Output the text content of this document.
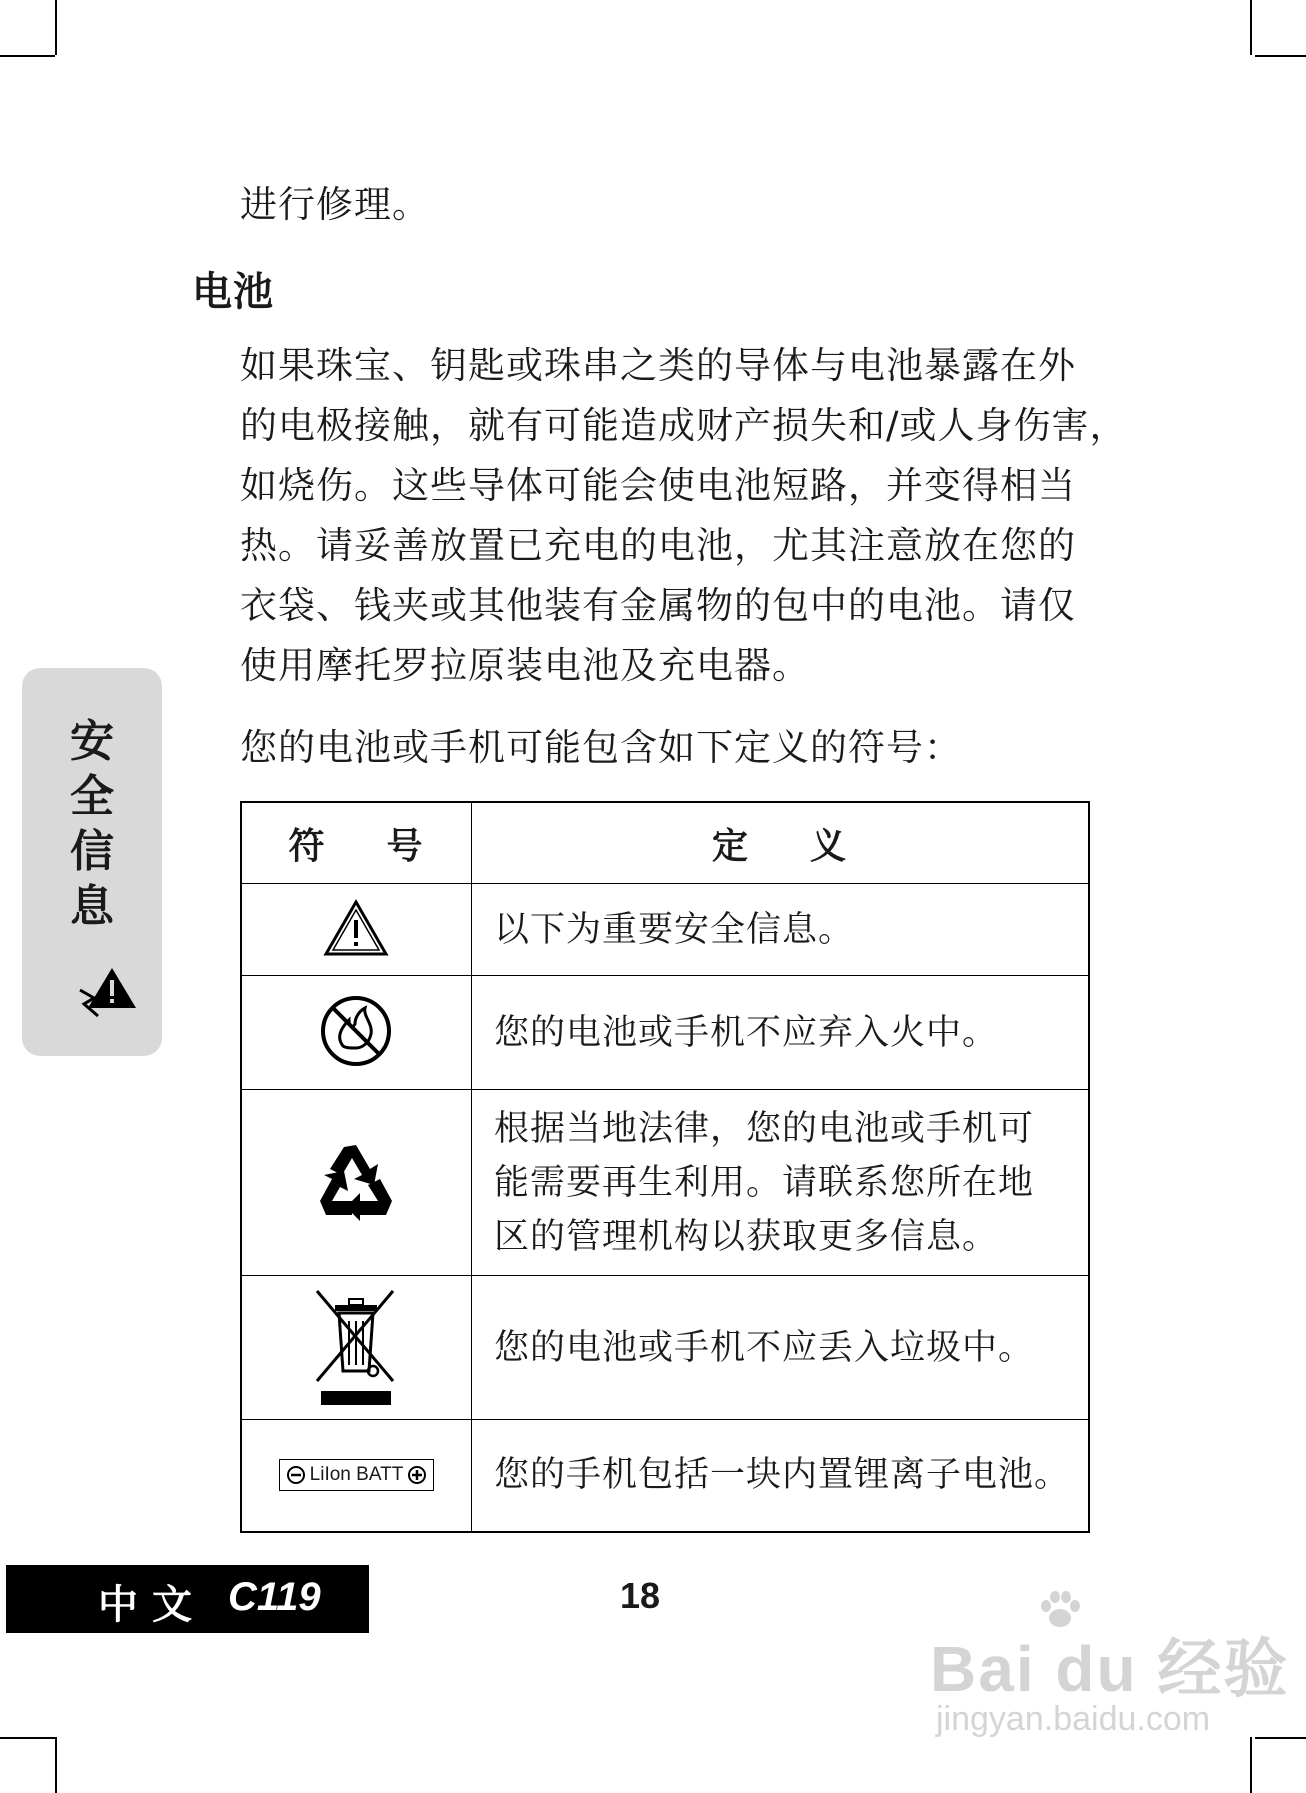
进行修理。
电池
如果珠宝、钥匙或珠串之类的导体与电池暴露在外
的电极接触，就有可能造成财产损失和/或人身伤害，
如烧伤。这些导体可能会使电池短路，并变得相当
热。请妥善放置已充电的电池，尤其注意放在您的
衣袋、钱夹或其他装有金属物的包中的电池。请仅
使用摩托罗拉原装电池及充电器。
您的电池或手机可能包含如下定义的符号：
安
全
信
息
符 号	定 义

以下为重要安全信息。

您的电池或手机不应弃入火中。

根据当地法律，您的电池或手机可
能需要再生利用。请联系您所在地
区的管理机构以获取更多信息。

您的电池或手机不应丢入垃圾中。

LiIon BATT	您的手机包括一块内置锂离子电池。
中文 C119	18
Bai du 经验
jingyan.baidu.com
